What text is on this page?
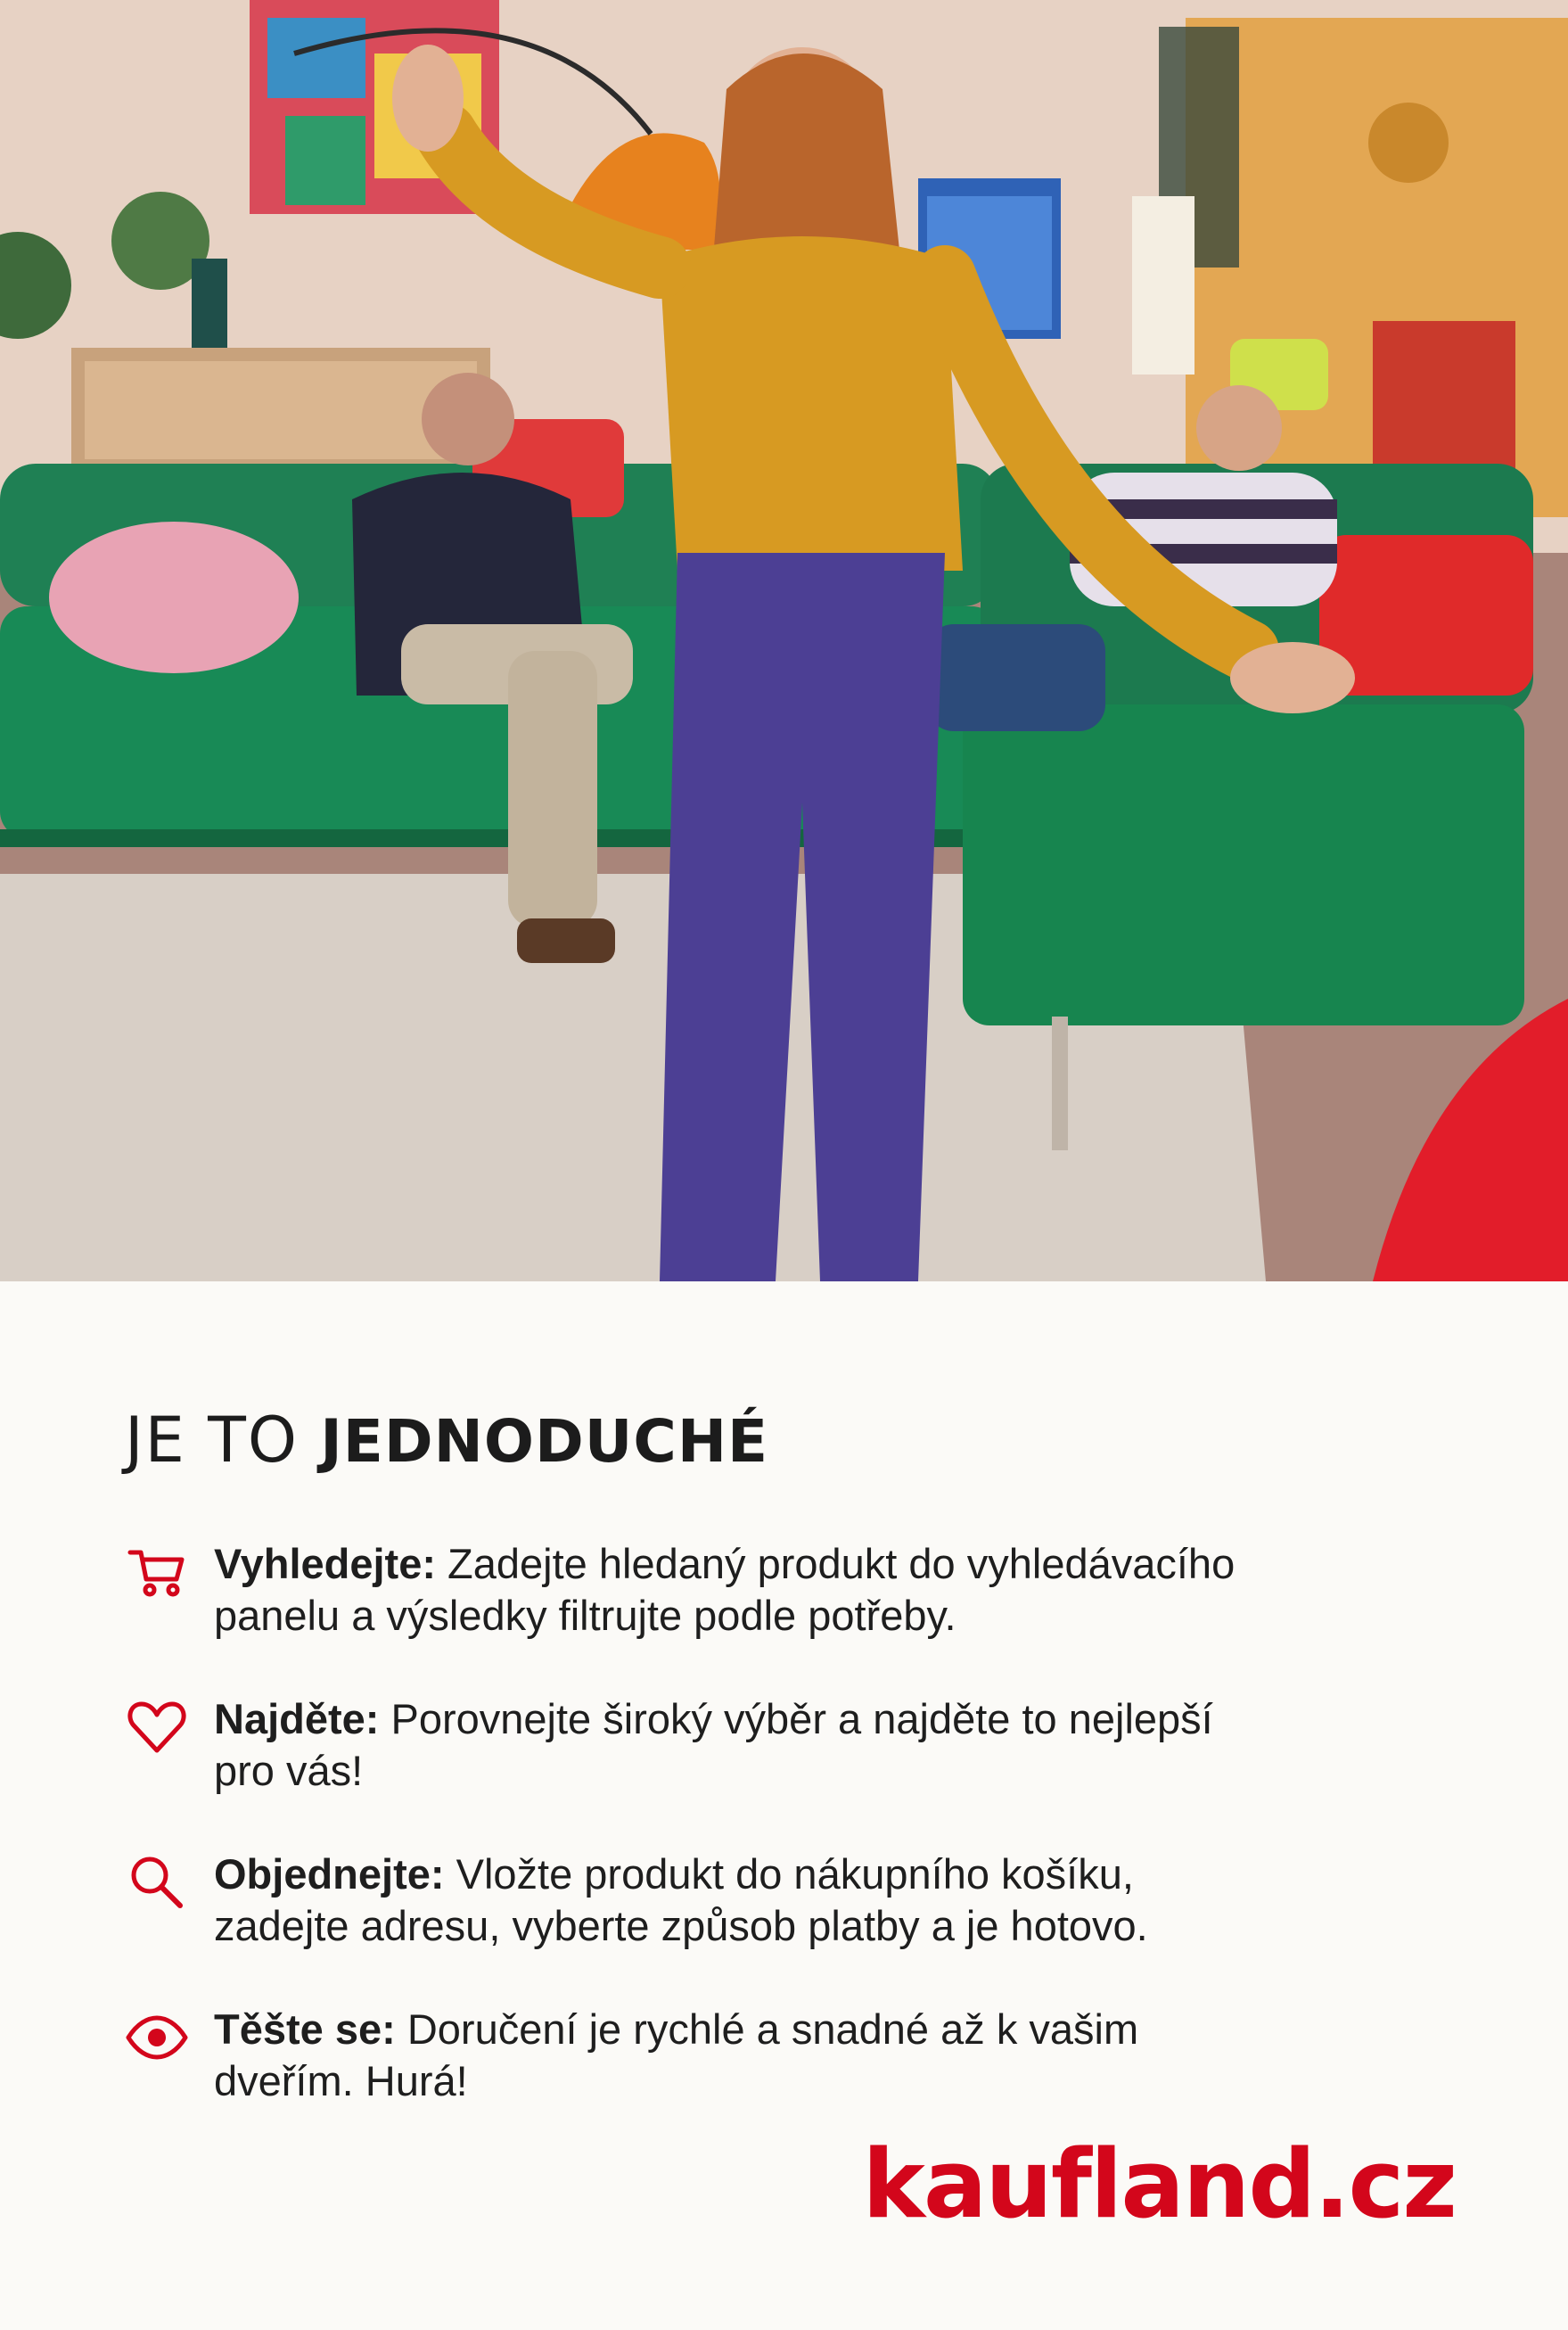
JE TO JEDNODUCHÉ
Vyhledejte: Zadejte hledaný produkt do vyhledávacího
panelu a výsledky filtrujte podle potřeby.
Najděte: Porovnejte široký výběr a najděte to nejlepší
pro vás!
Objednejte: Vložte produkt do nákupního košíku,
zadejte adresu, vyberte způsob platby a je hotovo.
Těšte se: Doručení je rychlé a snadné až k vašim
dveřím. Hurá!

kaufland.cz
